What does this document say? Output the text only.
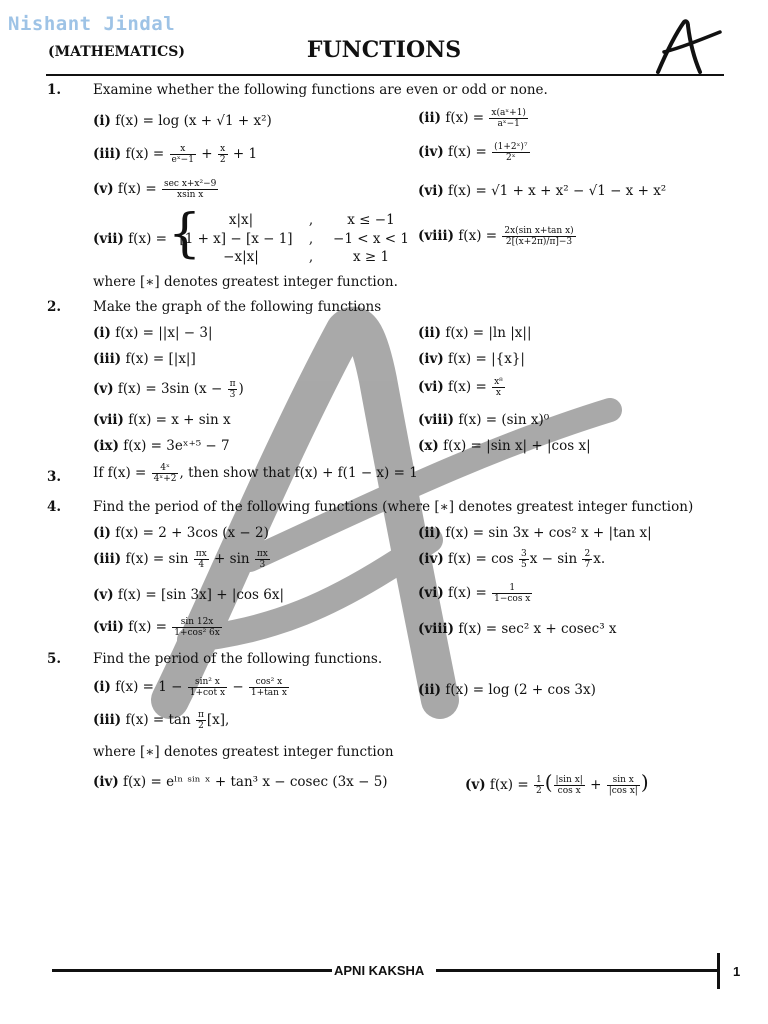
Nishant Jindal
(MATHEMATICS)	FUNCTIONS
1. Examine whether the following functions are even or odd or none.
(i) f(x) = log (x + √1 + x²)	(ii) $f(x) = \frac{\text{x(aˣ+1)}}{\text{aˣ−1}}$
(iii) $f(x) = \frac{x}{\text{eˣ−1}} + \frac{x}{2} + 1$	(iv) $f(x) = \frac{\text{(1+2ˣ)⁷}}{\text{2ˣ}}$
(v) $f(x) = \frac{\text{sec x+x²−9}}{\text{xsin x}}$	(vi) f(x) = √1 + x + x² − √1 − x + x²
(vii) f(x) = {	x|x|	,	x ≤ −1
[1 + x] − [x − 1] , −1 < x < 1
−x|x|	,	x ≥ 1
(viii) $f(x) = \frac{\text{2x(sin x+tan x)}}{2[(x+2\pi)/\pi]-3}$
where [∗] denotes greatest integer function.
2. Make the graph of the following functions
(i) f(x) = ||x| − 3|	(ii) f(x) = |ln |x||
(iii) f(x) = [|x|]	(iv) f(x) = |{x}|
(v) f(x) = 3sin ($x - \frac{\pi}{3}$ )	(vi) $f(x) = \frac{\text{x⁸}}{x}$
(vii) f(x) = x + sin x	(viii) f(x) = (sin x)⁰
(ix) f(x) = 3eˣ⁺⁵ − 7	(x) f(x) = |sin x| + |cos x|
3. If $f(x) = \frac{\text{4ˣ}}{\text{4ˣ+2}}$ , then show that f(x) + f(1 − x) = 1
4. Find the period of the following functions (where [∗] denotes greatest integer function)
(i) f(x) = 2 + 3cos (x − 2)	(ii) f(x) = sin 3x + cos² x + |tan x|
(iii) $f(x) = \sin \frac{\pi x}{4} + \sin \frac{\pi x}{3}$	(iv) $f(x) = \cos \frac{3}{5}$ $x - \sin \frac{2}{7} x$.
(v) f(x) = [sin 3x] + |cos 6x|	(vi) $f(x) = \frac{1}{\text{1−cos x}}$
(vii) $f(x) = \frac{\sin 12x}{\text{1+cos² 6x}}$	(viii) f(x) = sec² x + cosec³ x
5. Find the period of the following functions.
(i) $f(x) = 1 - \frac{\text{sin² x}}{\text{1+cot x}} - \frac{\text{cos² x}}{\text{1+tan x}}$	(ii) f(x) = log (2 + cos 3x)
(iii) $f(x) = \tan \frac{\pi}{2} [x]$,
where [∗] denotes greatest integer function
(iv) f(x) = eˡⁿ ˢⁱⁿ ˣ + tan³ x − cosec (3x − 5)	(v) $f(x) = \frac{1}{2}$ ( $\frac{\text{|sin x|}}{\text{cos x}} + \frac{\text{sin x}}{\text{|cos x|}}$ )
APNI KAKSHA	1
